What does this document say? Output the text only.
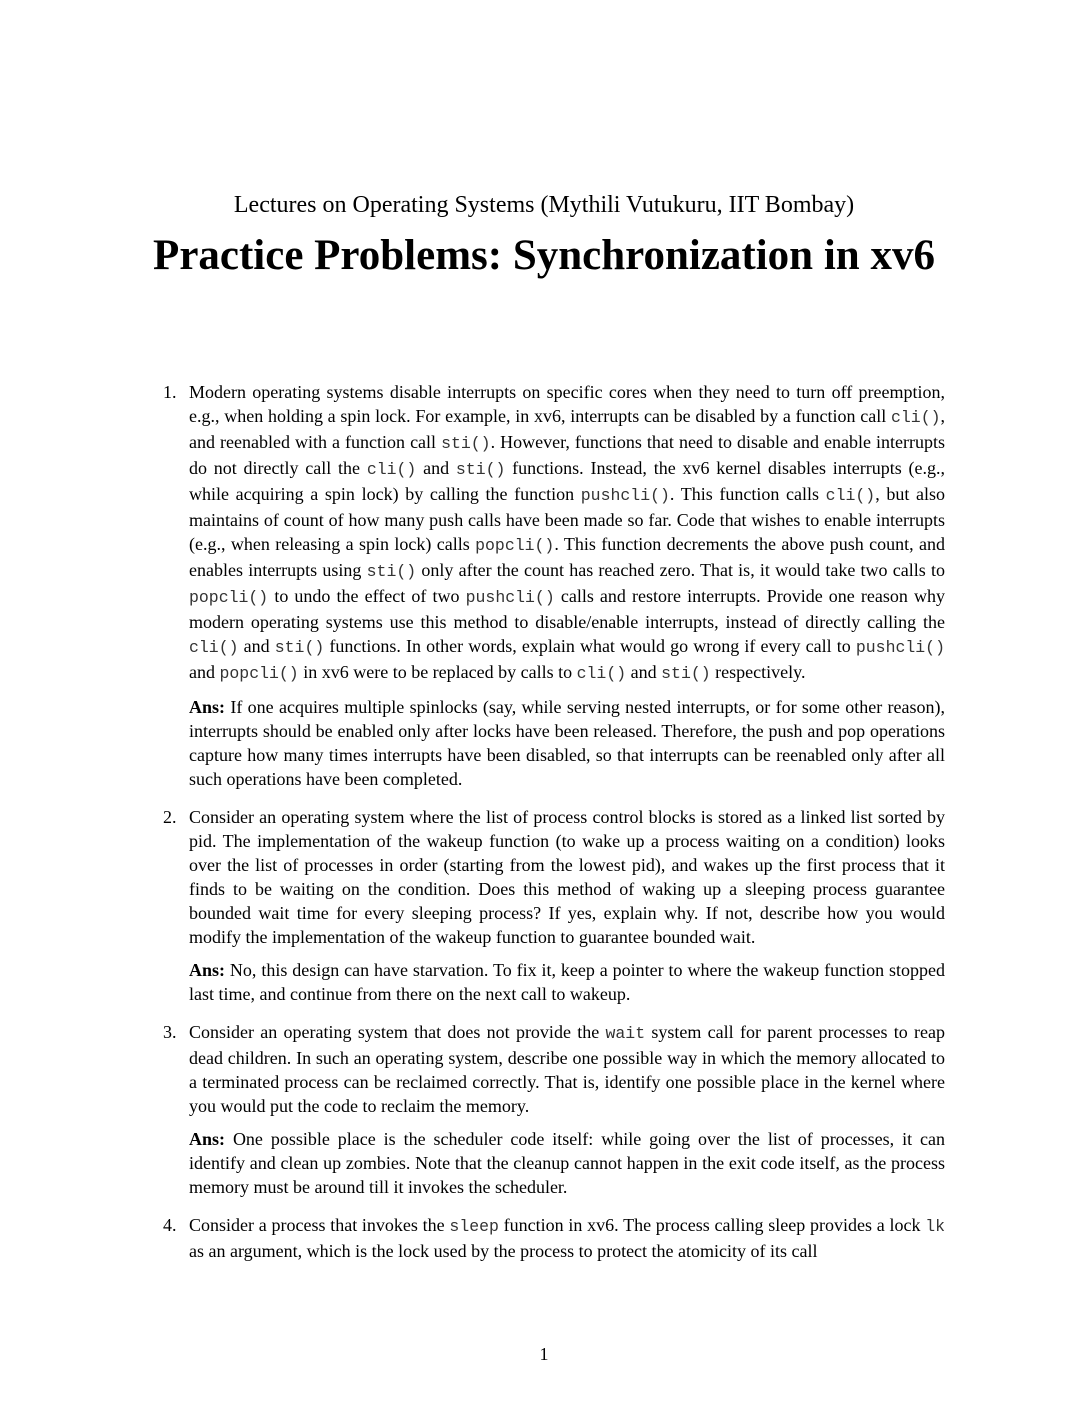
Lectures on Operating Systems (Mythili Vutukuru, IIT Bombay)
Practice Problems: Synchronization in xv6
1. Modern operating systems disable interrupts on specific cores when they need to turn off preemption, e.g., when holding a spin lock. For example, in xv6, interrupts can be disabled by a function call cli(), and reenabled with a function call sti(). However, functions that need to disable and enable interrupts do not directly call the cli() and sti() functions. Instead, the xv6 kernel disables interrupts (e.g., while acquiring a spin lock) by calling the function pushcli(). This function calls cli(), but also maintains of count of how many push calls have been made so far. Code that wishes to enable interrupts (e.g., when releasing a spin lock) calls popcli(). This function decrements the above push count, and enables interrupts using sti() only after the count has reached zero. That is, it would take two calls to popcli() to undo the effect of two pushcli() calls and restore interrupts. Provide one reason why modern operating systems use this method to disable/enable interrupts, instead of directly calling the cli() and sti() functions. In other words, explain what would go wrong if every call to pushcli() and popcli() in xv6 were to be replaced by calls to cli() and sti() respectively.

Ans: If one acquires multiple spinlocks (say, while serving nested interrupts, or for some other reason), interrupts should be enabled only after locks have been released. Therefore, the push and pop operations capture how many times interrupts have been disabled, so that interrupts can be reenabled only after all such operations have been completed.

2. Consider an operating system where the list of process control blocks is stored as a linked list sorted by pid. The implementation of the wakeup function (to wake up a process waiting on a condition) looks over the list of processes in order (starting from the lowest pid), and wakes up the first process that it finds to be waiting on the condition. Does this method of waking up a sleeping process guarantee bounded wait time for every sleeping process? If yes, explain why. If not, describe how you would modify the implementation of the wakeup function to guarantee bounded wait.

Ans: No, this design can have starvation. To fix it, keep a pointer to where the wakeup function stopped last time, and continue from there on the next call to wakeup.

3. Consider an operating system that does not provide the wait system call for parent processes to reap dead children. In such an operating system, describe one possible way in which the memory allocated to a terminated process can be reclaimed correctly. That is, identify one possible place in the kernel where you would put the code to reclaim the memory.

Ans: One possible place is the scheduler code itself: while going over the list of processes, it can identify and clean up zombies. Note that the cleanup cannot happen in the exit code itself, as the process memory must be around till it invokes the scheduler.

4. Consider a process that invokes the sleep function in xv6. The process calling sleep provides a lock lk as an argument, which is the lock used by the process to protect the atomicity of its call

1
